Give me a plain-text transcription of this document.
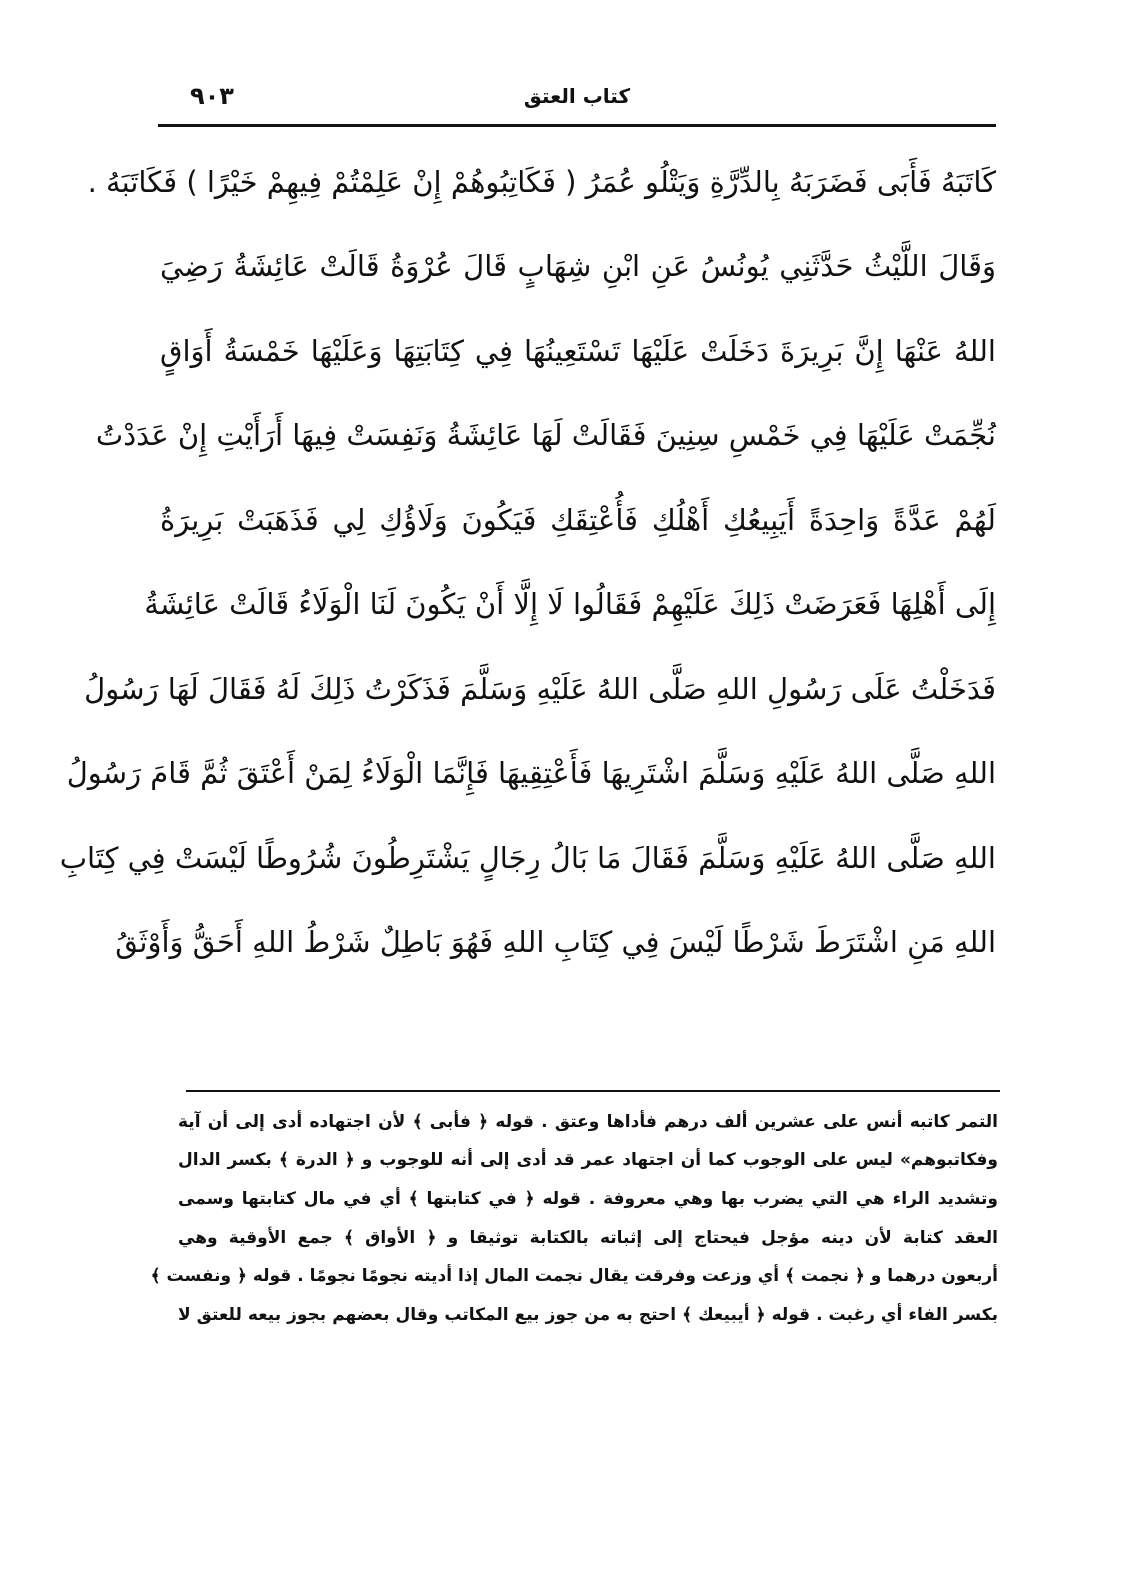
كتاب العتق
٩٠٣
كَاتَبَهُ فَأَبَى فَضَرَبَهُ بِالدِّرَّةِ وَيَتْلُو عُمَرُ ( فَكَاتِبُوهُمْ إِنْ عَلِمْتُمْ فِيهِمْ خَيْرًا ) فَكَاتَبَهُ .
وَقَالَ اللَّيْثُ حَدَّثَنِي يُونُسُ عَنِ ابْنِ شِهَابٍ قَالَ عُرْوَةُ قَالَتْ عَائِشَةُ رَضِيَ
اللهُ عَنْهَا إِنَّ بَرِيرَةَ دَخَلَتْ عَلَيْهَا تَسْتَعِينُهَا فِي كِتَابَتِهَا وَعَلَيْهَا خَمْسَةُ أَوَاقٍ
نُجِّمَتْ عَلَيْهَا فِي خَمْسِ سِنِينَ فَقَالَتْ لَهَا عَائِشَةُ وَنَفِسَتْ فِيهَا أَرَأَيْتِ إِنْ عَدَدْتُ
لَهُمْ عَدَّةً وَاحِدَةً أَيَبِيعُكِ أَهْلُكِ فَأُعْتِقَكِ فَيَكُونَ وَلَاؤُكِ لِي فَذَهَبَتْ بَرِيرَةُ
إِلَى أَهْلِهَا فَعَرَضَتْ ذَلِكَ عَلَيْهِمْ فَقَالُوا لَا إِلَّا أَنْ يَكُونَ لَنَا الْوَلَاءُ قَالَتْ عَائِشَةُ
فَدَخَلْتُ عَلَى رَسُولِ اللهِ صَلَّى اللهُ عَلَيْهِ وَسَلَّمَ فَذَكَرْتُ ذَلِكَ لَهُ فَقَالَ لَهَا رَسُولُ
اللهِ صَلَّى اللهُ عَلَيْهِ وَسَلَّمَ اشْتَرِيهَا فَأَعْتِقِيهَا فَإِنَّمَا الْوَلَاءُ لِمَنْ أَعْتَقَ ثُمَّ قَامَ رَسُولُ
اللهِ صَلَّى اللهُ عَلَيْهِ وَسَلَّمَ فَقَالَ مَا بَالُ رِجَالٍ يَشْتَرِطُونَ شُرُوطًا لَيْسَتْ فِي كِتَابِ
اللهِ مَنِ اشْتَرَطَ شَرْطًا لَيْسَ فِي كِتَابِ اللهِ فَهُوَ بَاطِلٌ شَرْطُ اللهِ أَحَقُّ وَأَوْثَقُ
التمر كاتبه أنس على عشرين ألف درهم فأداها وعتق . قوله ﴿ فأبى ﴾ لأن اجتهاده أدى إلى أن آية
وفكاتبوهم» ليس على الوجوب كما أن اجتهاد عمر قد أدى إلى أنه للوجوب و ﴿ الدرة ﴾ بكسر الدال
وتشديد الراء هي التي يضرب بها وهي معروفة . قوله ﴿ في كتابتها ﴾ أي في مال كتابتها وسمى
العقد كتابة لأن دينه مؤجل فيحتاج إلى إثباته بالكتابة توثيقا و ﴿ الأواق ﴾ جمع الأوقية وهي
أربعون درهما و ﴿ نجمت ﴾ أي وزعت وفرقت يقال نجمت المال إذا أديته نجومًا نجومًا . قوله ﴿ ونفست ﴾
بكسر الفاء أي رغبت . قوله ﴿ أيبيعك ﴾ احتج به من جوز بيع المكاتب وقال بعضهم بجوز بيعه للعتق لا
